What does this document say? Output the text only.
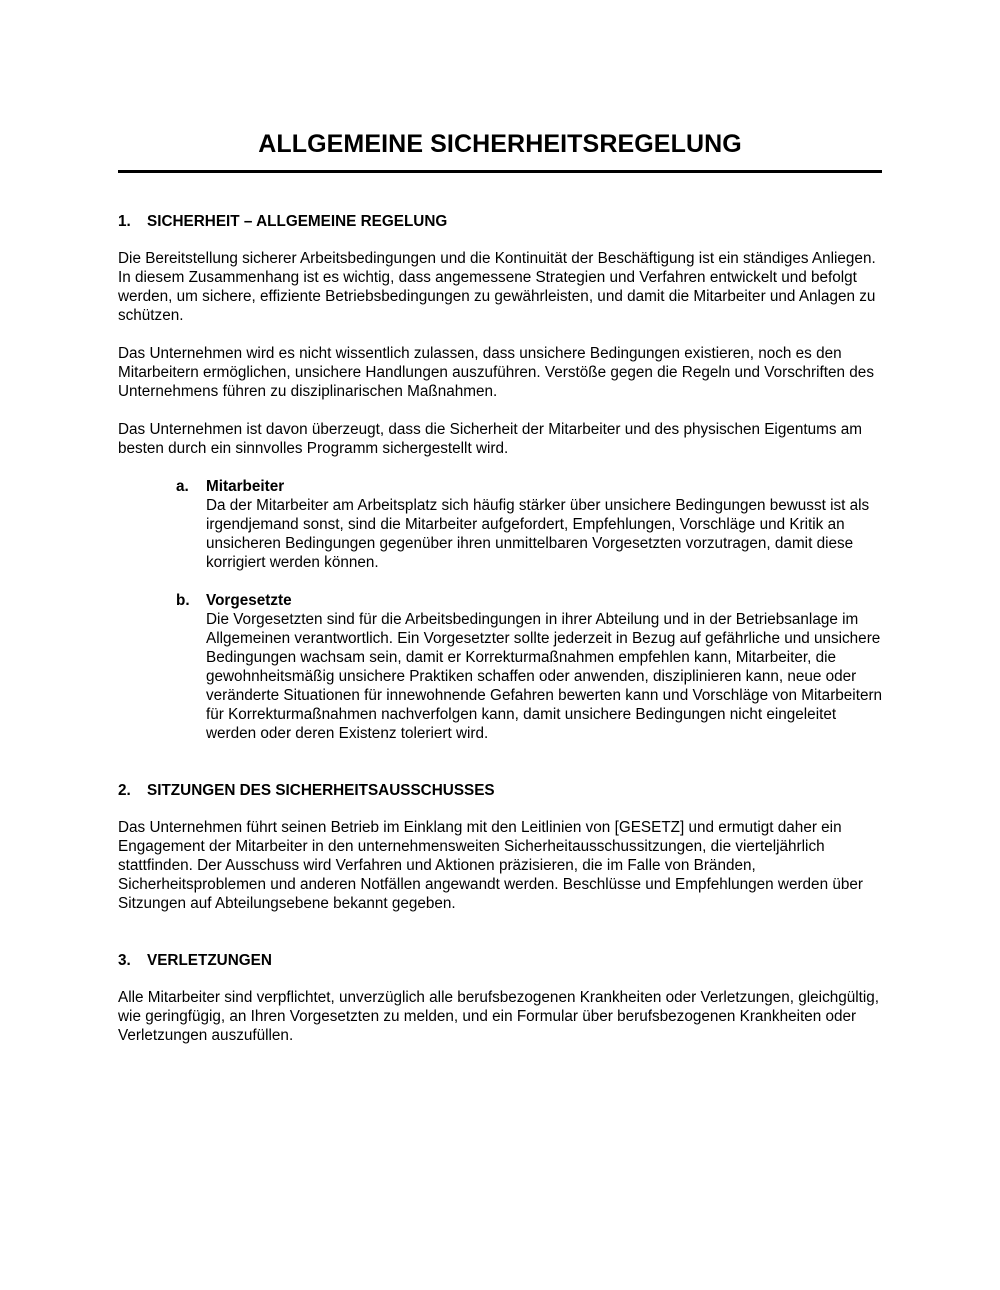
ALLGEMEINE SICHERHEITSREGELUNG
1.	SICHERHEIT – ALLGEMEINE REGELUNG

Die Bereitstellung sicherer Arbeitsbedingungen und die Kontinuität der Beschäftigung ist ein ständiges Anliegen. In diesem Zusammenhang ist es wichtig, dass angemessene Strategien und Verfahren entwickelt und befolgt werden, um sichere, effiziente Betriebsbedingungen zu gewährleisten, und damit die Mitarbeiter und Anlagen zu schützen.

Das Unternehmen wird es nicht wissentlich zulassen, dass unsichere Bedingungen existieren, noch es den Mitarbeitern ermöglichen, unsichere Handlungen auszuführen. Verstöße gegen die Regeln und Vorschriften des Unternehmens führen zu disziplinarischen Maßnahmen.

Das Unternehmen ist davon überzeugt, dass die Sicherheit der Mitarbeiter und des physischen Eigentums am besten durch ein sinnvolles Programm sichergestellt wird.

a.	Mitarbeiter
Da der Mitarbeiter am Arbeitsplatz sich häufig stärker über unsichere Bedingungen bewusst ist als irgendjemand sonst, sind die Mitarbeiter aufgefordert, Empfehlungen, Vorschläge und Kritik an unsicheren Bedingungen gegenüber ihren unmittelbaren Vorgesetzten vorzutragen, damit diese korrigiert werden können.
b.	Vorgesetzte
Die Vorgesetzten sind für die Arbeitsbedingungen in ihrer Abteilung und in der Betriebsanlage im Allgemeinen verantwortlich. Ein Vorgesetzter sollte jederzeit in Bezug auf gefährliche und unsichere Bedingungen wachsam sein, damit er Korrekturmaßnahmen empfehlen kann, Mitarbeiter, die gewohnheitsmäßig unsichere Praktiken schaffen oder anwenden, disziplinieren kann, neue oder veränderte Situationen für innewohnende Gefahren bewerten kann und Vorschläge von Mitarbeitern für Korrekturmaßnahmen nachverfolgen kann, damit unsichere Bedingungen nicht eingeleitet werden oder deren Existenz toleriert wird.
2.	SITZUNGEN DES SICHERHEITSAUSSCHUSSES

Das Unternehmen führt seinen Betrieb im Einklang mit den Leitlinien von [GESETZ] und ermutigt daher ein Engagement der Mitarbeiter in den unternehmensweiten Sicherheitausschussitzungen, die vierteljährlich stattfinden. Der Ausschuss wird Verfahren und Aktionen präzisieren, die im Falle von Bränden, Sicherheitsproblemen und anderen Notfällen angewandt werden. Beschlüsse und Empfehlungen werden über Sitzungen auf Abteilungsebene bekannt gegeben.

3.	VERLETZUNGEN

Alle Mitarbeiter sind verpflichtet, unverzüglich alle berufsbezogenen Krankheiten oder Verletzungen, gleichgültig, wie geringfügig, an Ihren Vorgesetzten zu melden, und ein Formular über berufsbezogenen Krankheiten oder Verletzungen auszufüllen.
